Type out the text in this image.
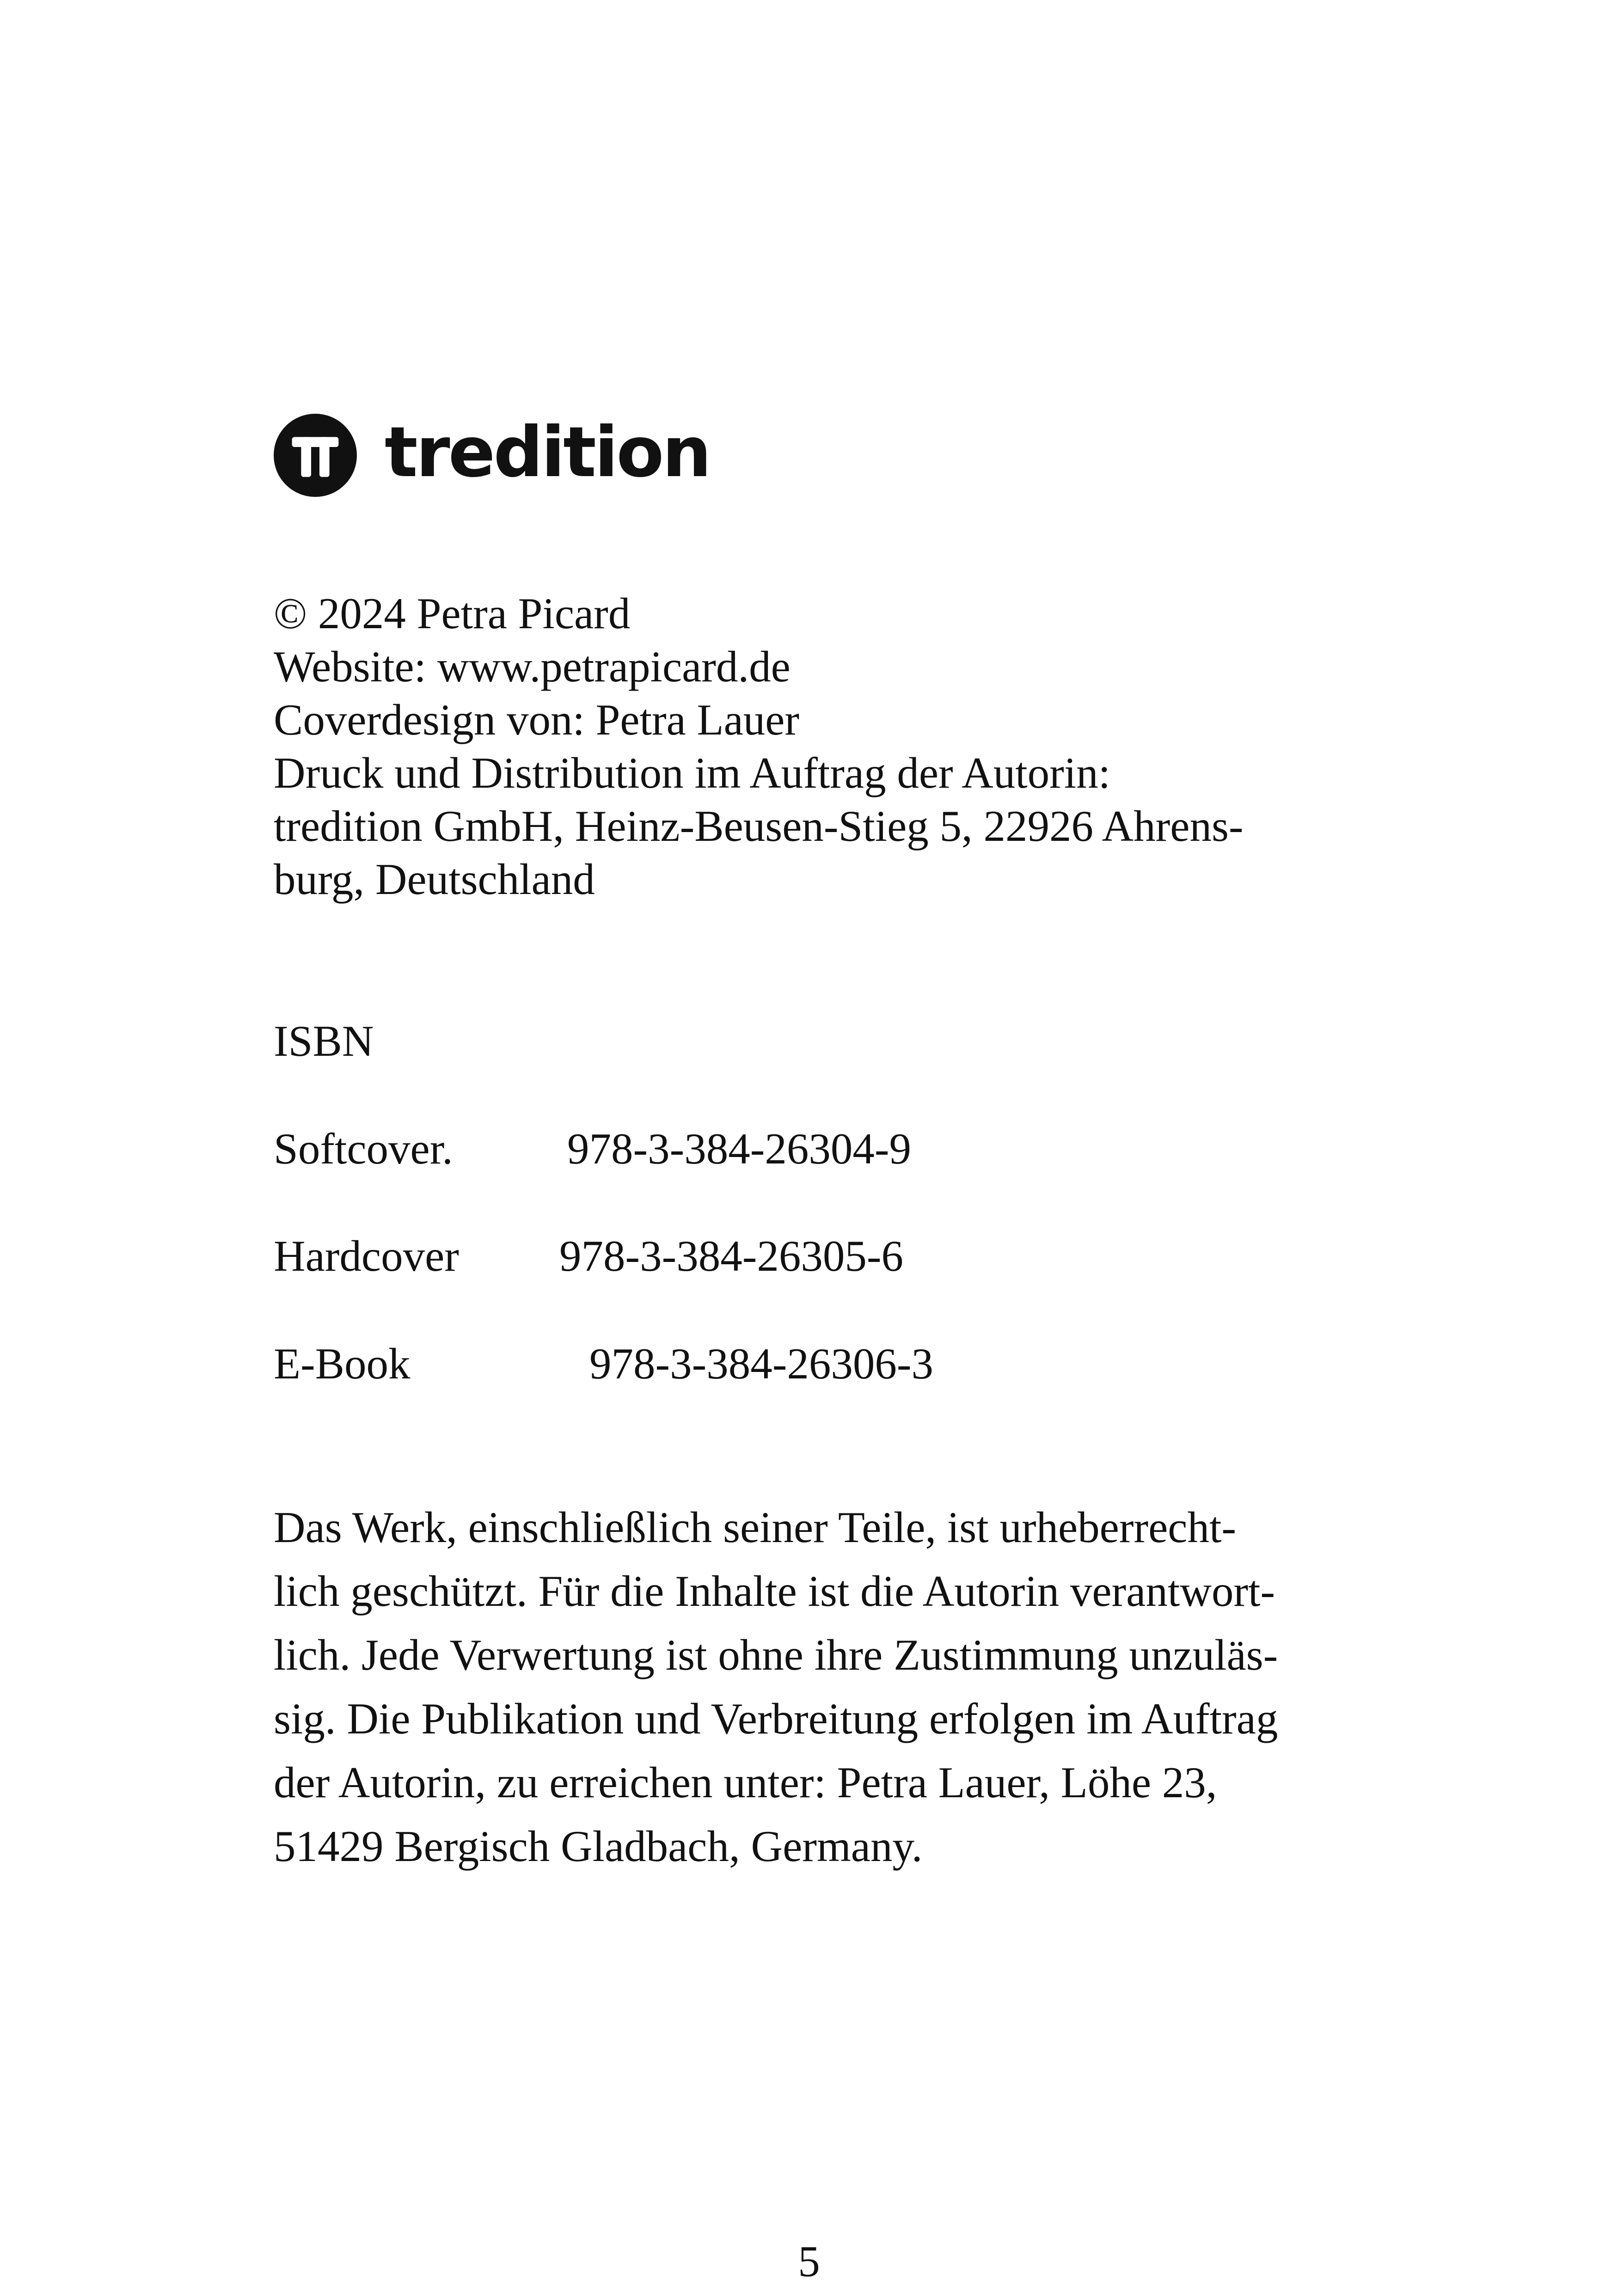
tredition
© 2024 Petra Picard
Website: www.petrapicard.de
Coverdesign von: Petra Lauer
Druck und Distribution im Auftrag der Autorin:
tredition GmbH, Heinz-Beusen-Stieg 5, 22926 Ahrens-
burg, Deutschland
ISBN
Softcover.	978-3-384-26304-9
Hardcover 978-3-384-26305-6
E-Book	978-3-384-26306-3
Das Werk, einschließlich seiner Teile, ist urheberrecht-
lich geschützt. Für die Inhalte ist die Autorin verantwort-
lich. Jede Verwertung ist ohne ihre Zustimmung unzuläs-
sig. Die Publikation und Verbreitung erfolgen im Auftrag
der Autorin, zu erreichen unter: Petra Lauer, Löhe 23,
51429 Bergisch Gladbach, Germany.
5
